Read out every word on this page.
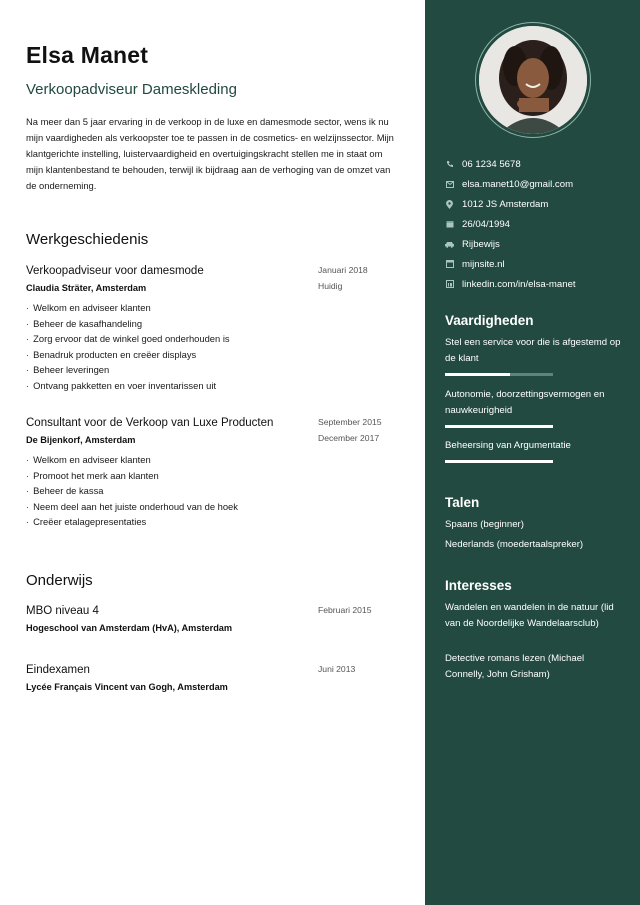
Elsa Manet
Verkoopadviseur Dameskleding
Na meer dan 5 jaar ervaring in de verkoop in de luxe en damesmode sector, wens ik nu mijn vaardigheden als verkoopster toe te passen in de cosmetics- en welzijnssector. Mijn klantgerichte instelling, luistervaardigheid en overtuigingskracht stellen me in staat om mijn klantenbestand te behouden, terwijl ik bijdraag aan de verhoging van de omzet van de onderneming.
Werkgeschiedenis
Verkoopadviseur voor damesmode	Januari 2018
Huidig
Claudia Sträter, Amsterdam
· Welkom en adviseer klanten
· Beheer de kasafhandeling
· Zorg ervoor dat de winkel goed onderhouden is
· Benadruk producten en creëer displays
· Beheer leveringen
· Ontvang pakketten en voer inventarissen uit
Consultant voor de Verkoop van Luxe Producten	September 2015
December 2017
De Bijenkorf, Amsterdam
· Welkom en adviseer klanten
· Promoot het merk aan klanten
· Beheer de kassa
· Neem deel aan het juiste onderhoud van de hoek
· Creëer etalagepresentaties
Onderwijs
MBO niveau 4	Februari 2015
Hogeschool van Amsterdam (HvA), Amsterdam
Eindexamen	Juni 2013
Lycée Français Vincent van Gogh, Amsterdam
06 1234 5678
elsa.manet10@gmail.com
1012 JS Amsterdam
26/04/1994
Rijbewijs
mijnsite.nl
linkedin.com/in/elsa-manet
Vaardigheden
Stel een service voor die is afgestemd op de klant
Autonomie, doorzettingsvermogen en nauwkeurigheid
Beheersing van Argumentatie
Talen
Spaans (beginner)
Nederlands (moedertaalspreker)
Interesses
Wandelen en wandelen in de natuur (lid van de Noordelijke Wandelaarsclub)
Detective romans lezen (Michael Connelly, John Grisham)
